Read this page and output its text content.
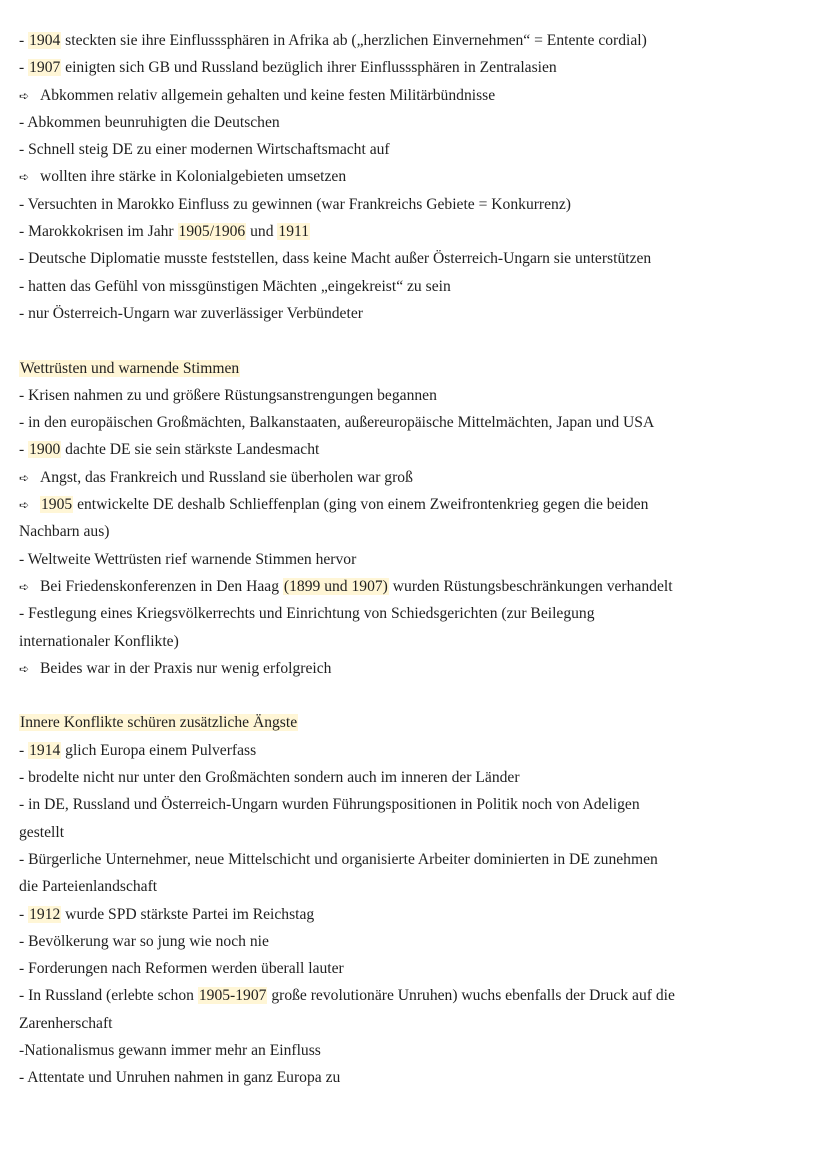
- 1904 steckten sie ihre Einflusssphären in Afrika ab („herzlichen Einvernehmen“ = Entente cordial)
- 1907 einigten sich GB und Russland bezüglich ihrer Einflusssphären in Zentralasien
➪ Abkommen relativ allgemein gehalten und keine festen Militärbündnisse
- Abkommen beunruhigten die Deutschen
- Schnell steig DE zu einer modernen Wirtschaftsmacht auf
➪ wollten ihre stärke in Kolonialgebieten umsetzen
- Versuchten in Marokko Einfluss zu gewinnen (war Frankreichs Gebiete = Konkurrenz)
- Marokkokrisen im Jahr 1905/1906 und 1911
- Deutsche Diplomatie musste feststellen, dass keine Macht außer Österreich-Ungarn sie unterstützen
- hatten das Gefühl von missgünstigen Mächten „eingekreist“ zu sein
- nur Österreich-Ungarn war zuverlässiger Verbündeter
Wettrüsten und warnende Stimmen
- Krisen nahmen zu und größere Rüstungsanstrengungen begannen
- in den europäischen Großmächten, Balkanstaaten, außereuropäische Mittelmächten, Japan und USA
- 1900 dachte DE sie sein stärkste Landesmacht
➪ Angst, das Frankreich und Russland sie überholen war groß
➪ 1905 entwickelte DE deshalb Schlieffenplan (ging von einem Zweifrontenkrieg gegen die beiden
Nachbarn aus)
- Weltweite Wettrüsten rief warnende Stimmen hervor
➪ Bei Friedenskonferenzen in Den Haag (1899 und 1907) wurden Rüstungsbeschränkungen verhandelt
- Festlegung eines Kriegsvölkerrechts und Einrichtung von Schiedsgerichten (zur Beilegung
internationaler Konflikte)
➪ Beides war in der Praxis nur wenig erfolgreich
Innere Konflikte schüren zusätzliche Ängste
- 1914 glich Europa einem Pulverfass
- brodelte nicht nur unter den Großmächten sondern auch im inneren der Länder
- in DE, Russland und Österreich-Ungarn wurden Führungspositionen in Politik noch von Adeligen
gestellt
- Bürgerliche Unternehmer, neue Mittelschicht und organisierte Arbeiter dominierten in DE zunehmen
die Parteienlandschaft
- 1912 wurde SPD stärkste Partei im Reichstag
- Bevölkerung war so jung wie noch nie
- Forderungen nach Reformen werden überall lauter
- In Russland (erlebte schon 1905-1907 große revolutionäre Unruhen) wuchs ebenfalls der Druck auf die
Zarenherschaft
-Nationalismus gewann immer mehr an Einfluss
- Attentate und Unruhen nahmen in ganz Europa zu
